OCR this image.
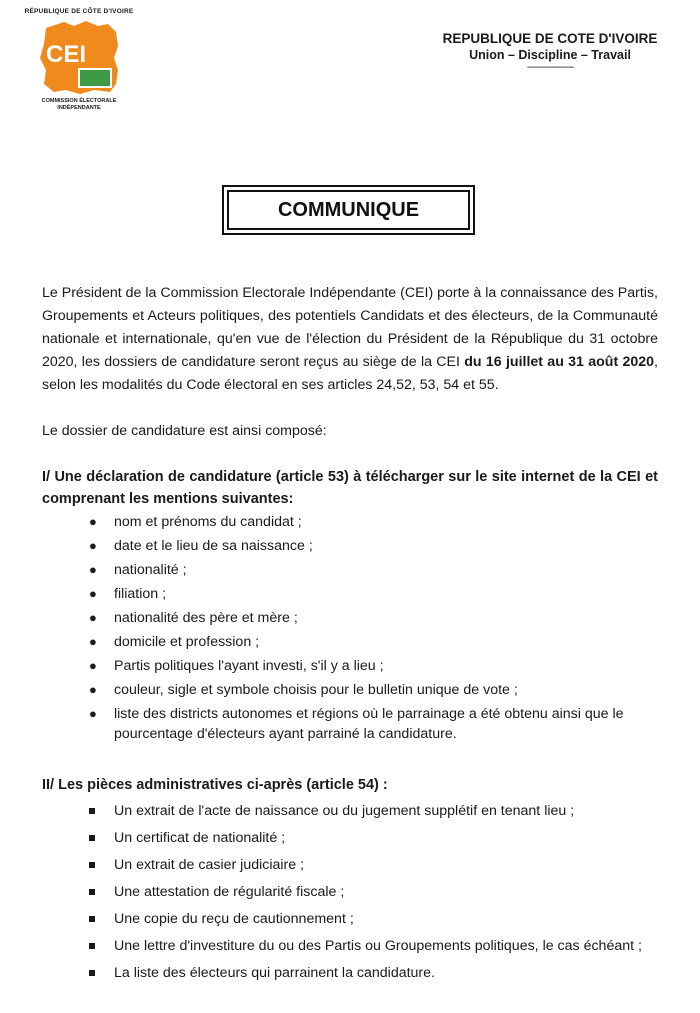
RÉPUBLIQUE DE CÔTE D'IVOIRE
CEI
COMMISSION ÉLECTORALE
INDÉPENDANTE
REPUBLIQUE DE COTE D'IVOIRE
Union – Discipline – Travail
--------------------
COMMUNIQUE
Le Président de la Commission Electorale Indépendante (CEI) porte à la connaissance des Partis, Groupements et Acteurs politiques, des potentiels Candidats et des électeurs, de la Communauté nationale et internationale, qu'en vue de l'élection du Président de la République du 31 octobre 2020, les dossiers de candidature seront reçus au siège de la CEI du 16 juillet au 31 août 2020, selon les modalités du Code électoral en ses articles 24,52, 53, 54 et 55.
Le dossier de candidature est ainsi composé:
I/ Une déclaration de candidature (article 53) à télécharger sur le site internet de la CEI et comprenant les mentions suivantes:
● nom et prénoms du candidat ;
● date et le lieu de sa naissance ;
● nationalité ;
● filiation ;
● nationalité des père et mère ;
● domicile et profession ;
● Partis politiques l'ayant investi, s'il y a lieu ;
● couleur, sigle et symbole choisis pour le bulletin unique de vote ;
● liste des districts autonomes et régions où le parrainage a été obtenu ainsi que le pourcentage d'électeurs ayant parrainé la candidature.
II/ Les pièces administratives ci-après (article 54) :
Un extrait de l'acte de naissance ou du jugement supplétif en tenant lieu ;
Un certificat de nationalité ;
Un extrait de casier judiciaire ;
Une attestation de régularité fiscale ;
Une copie du reçu de cautionnement ;
Une lettre d'investiture du ou des Partis ou Groupements politiques, le cas échéant ;
La liste des électeurs qui parrainent la candidature.
